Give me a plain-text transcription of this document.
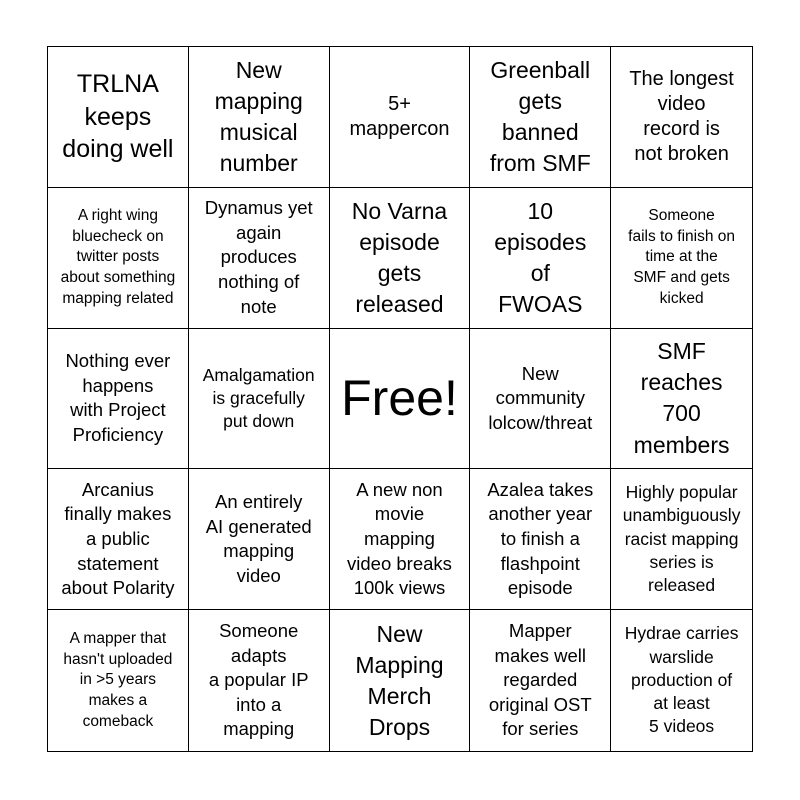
TRLNA
keeps
doing well
New
mapping
musical
number
5+
mappercon
Greenball
gets
banned
from SMF
The longest
video
record is
not broken
A right wing
bluecheck on
twitter posts
about something
mapping related
Dynamus yet
again
produces
nothing of
note
No Varna
episode
gets
released
10
episodes
of
FWOAS
Someone
fails to finish on
time at the
SMF and gets
kicked
Nothing ever
happens
with Project
Proficiency
Amalgamation
is gracefully
put down Free!	New
community
lolcow/threat
SMF
reaches
700
members
Arcanius
finally makes
a public
statement
about Polarity
An entirely
AI generated
mapping
video
A new non
movie
mapping
video breaks
100k views
Azalea takes
another year
to finish a
flashpoint
episode
Highly popular
unambiguously
racist mapping
series is
released
A mapper that
hasn't uploaded
in >5 years
makes a
comeback
Someone
adapts
a popular IP
into a
mapping
New
Mapping
Merch
Drops
Mapper
makes well
regarded
original OST
for series
Hydrae carries
warslide
production of
at least
5 videos
